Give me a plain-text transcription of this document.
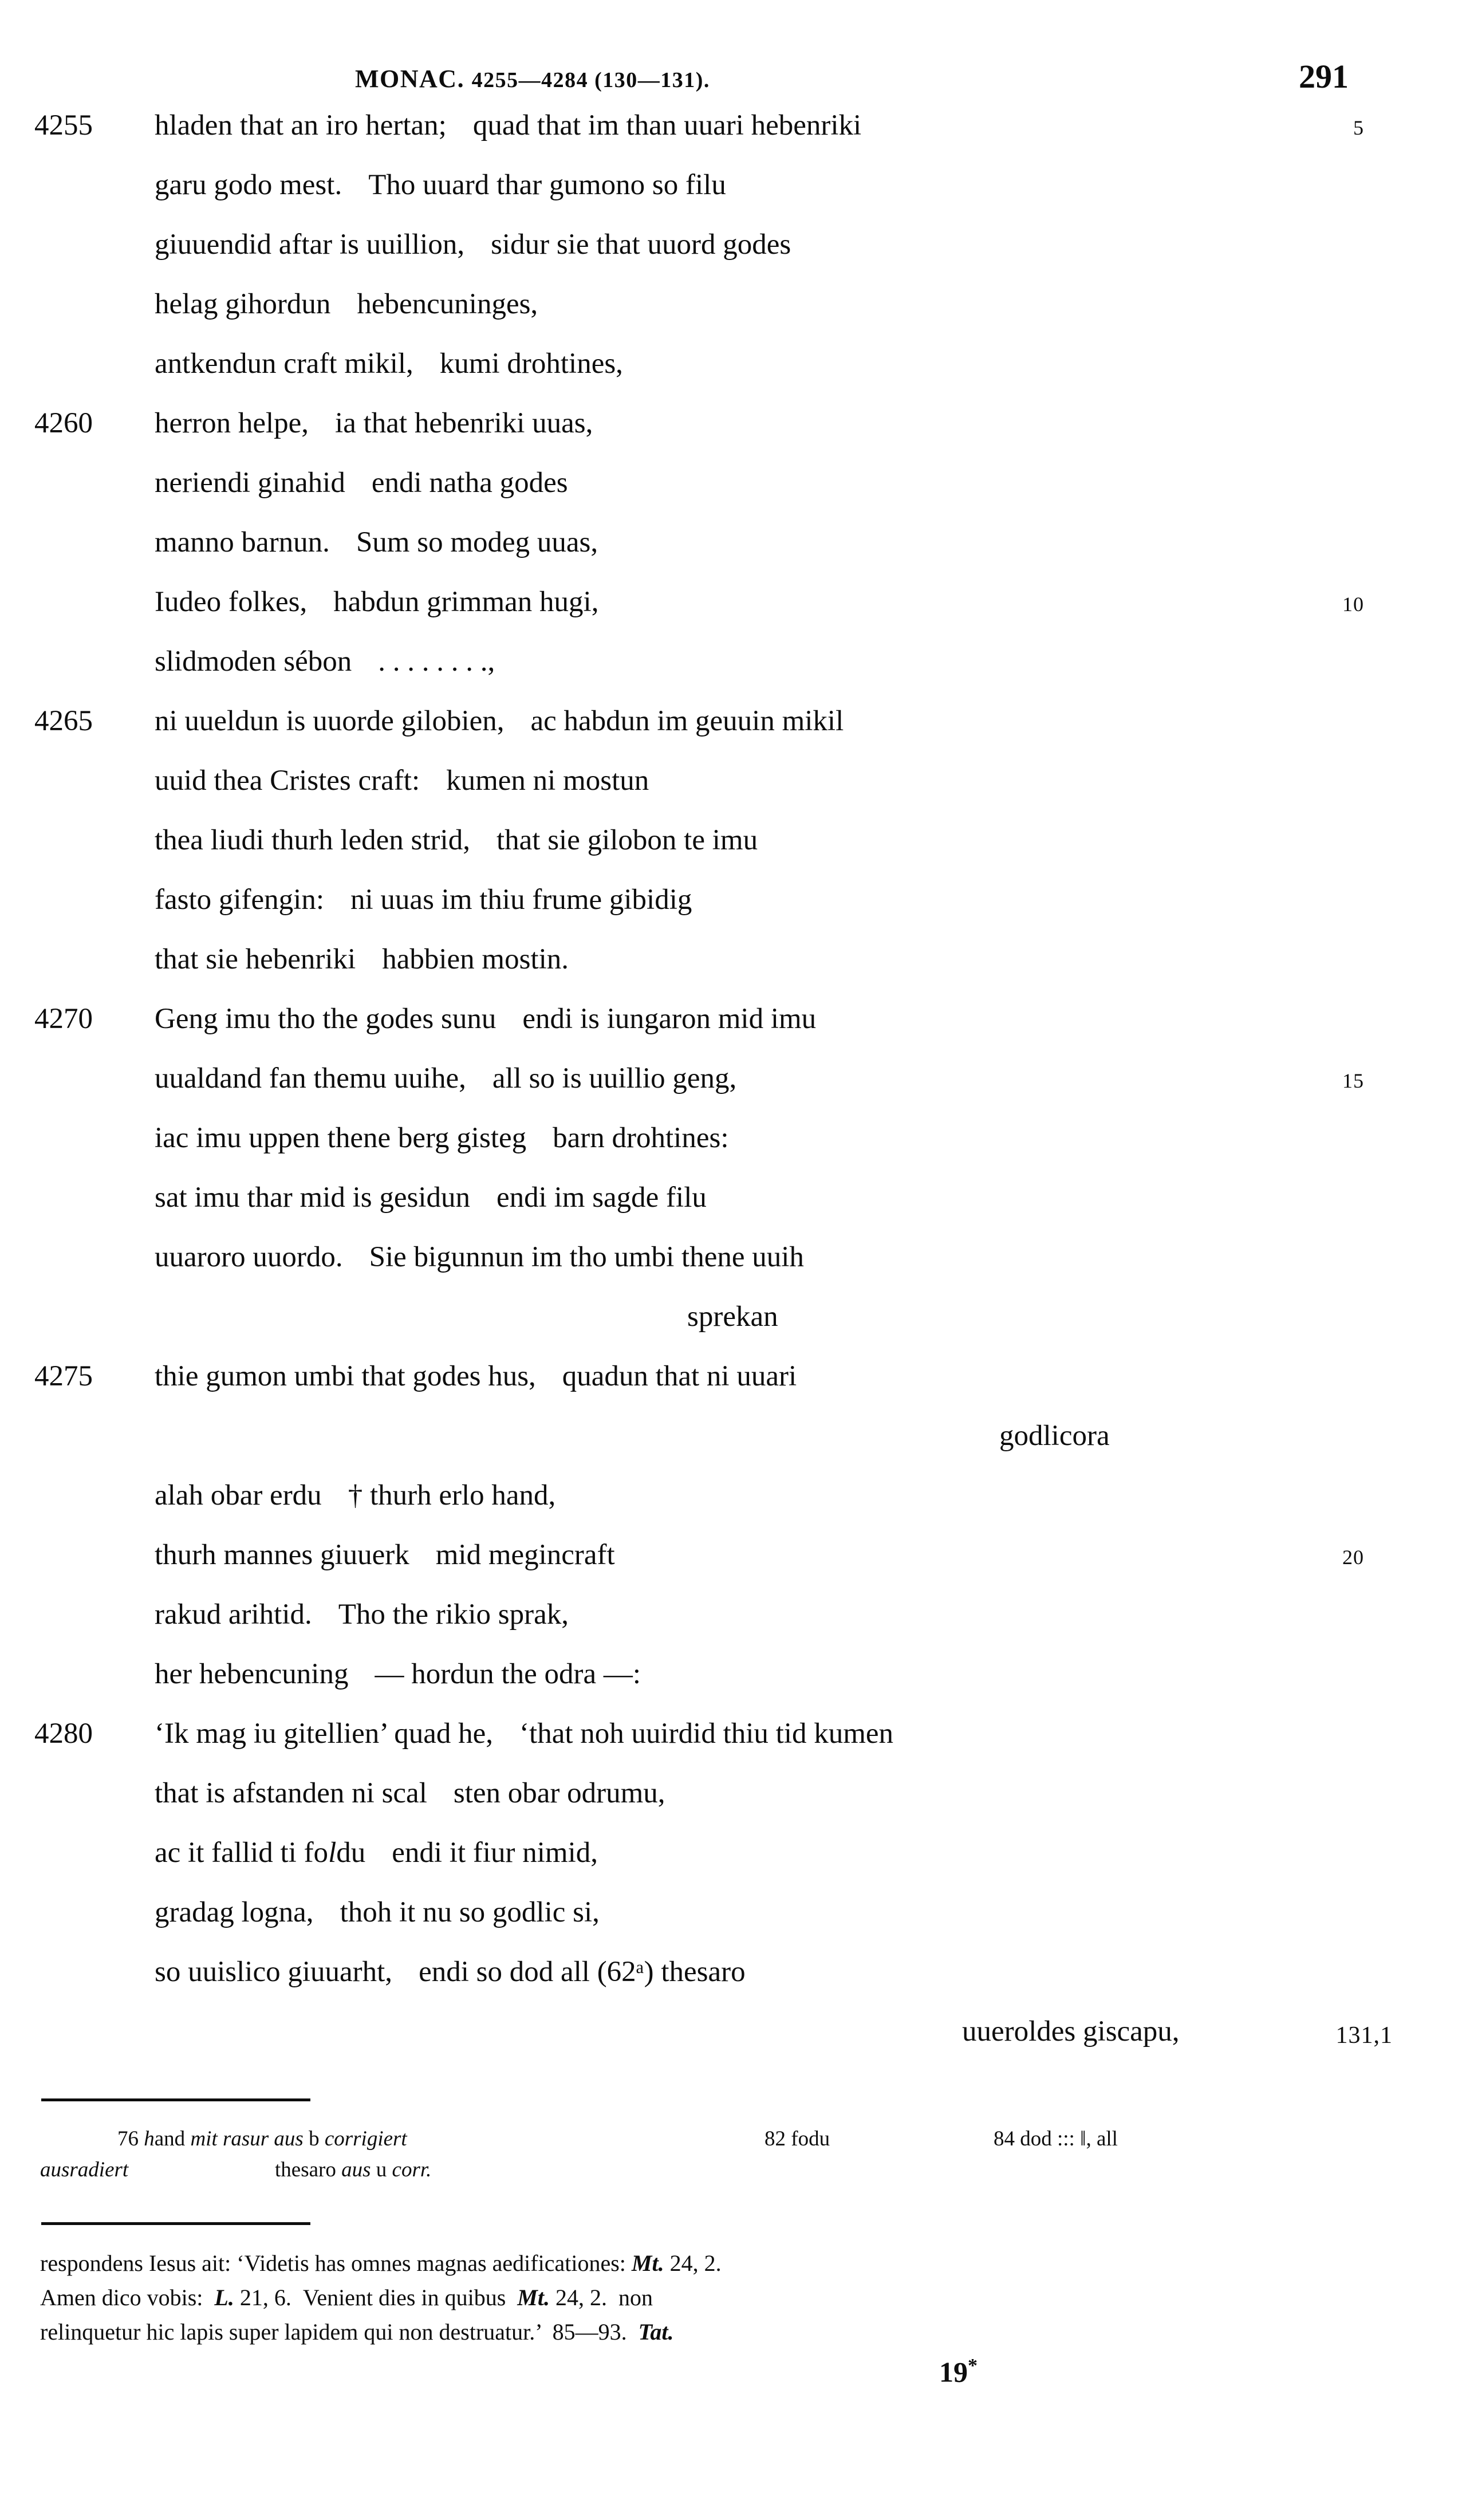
MONAC. 4255—4284 (130—131).	291
4255	hladen that an iro hertan; quad that im than uuari hebenriki	5
garu godo mest. Tho uuard thar gumono so filu
giuuendid aftar is uuillion, sidur sie that uuord godes
helag gihordun hebencuninges,
antkendun craft mikil, kumi drohtines,
4260	herron helpe, ia that hebenriki uuas,
neriendi ginahid endi natha godes
manno barnun. Sum so modeg uuas,
Iudeo folkes, habdun grimman hugi,	10
slidmoden sébon . . . . . . . .,
4265	ni uueldun is uuorde gilobien, ac habdun im geuuin mikil
uuid thea Cristes craft: kumen ni mostun
thea liudi thurh leden strid, that sie gilobon te imu
fasto gifengin: ni uuas im thiu frume gibidig
that sie hebenriki habbien mostin.
4270	Geng imu tho the godes sunu endi is iungaron mid imu
uualdand fan themu uuihe, all so is uuillio geng,	15
iac imu uppen thene berg gisteg barn drohtines:
sat imu thar mid is gesidun endi im sagde filu
uuaroro uuordo. Sie bigunnun im tho umbi thene uuih
sprekan
4275	thie gumon umbi that godes hus, quadun that ni uuari
godlicora
alah obar erdu † thurh erlo hand,
thurh mannes giuuerk mid megincraft	20
rakud arihtid. Tho the rikio sprak,
her hebencuning — hordun the odra —:
4280	‘Ik mag iu gitellien’ quad he, ‘that noh uuirdid thiu tid kumen
that is afstanden ni scal sten obar odrumu,
ac it fallid ti foldu endi it fiur nimid,
gradag logna, thoh it nu so godlic si,
so uuislico giuuarht, endi so dod all (62ᵃ) thesaro
uueroldes giscapu,	131,1
76 hand mit rasur aus b corrigiert	82 fodu	84 dod ::: ‖, all
ausradiert	thesaro aus u corr.
respondens Iesus ait: ‘Videtis has omnes magnas aedificationes: Mt. 24, 2.
Amen dico vobis: L. 21, 6. Venient dies in quibus Mt. 24, 2. non
relinquetur hic lapis super lapidem qui non destruatur.’ 85—93. Tat.
19*
